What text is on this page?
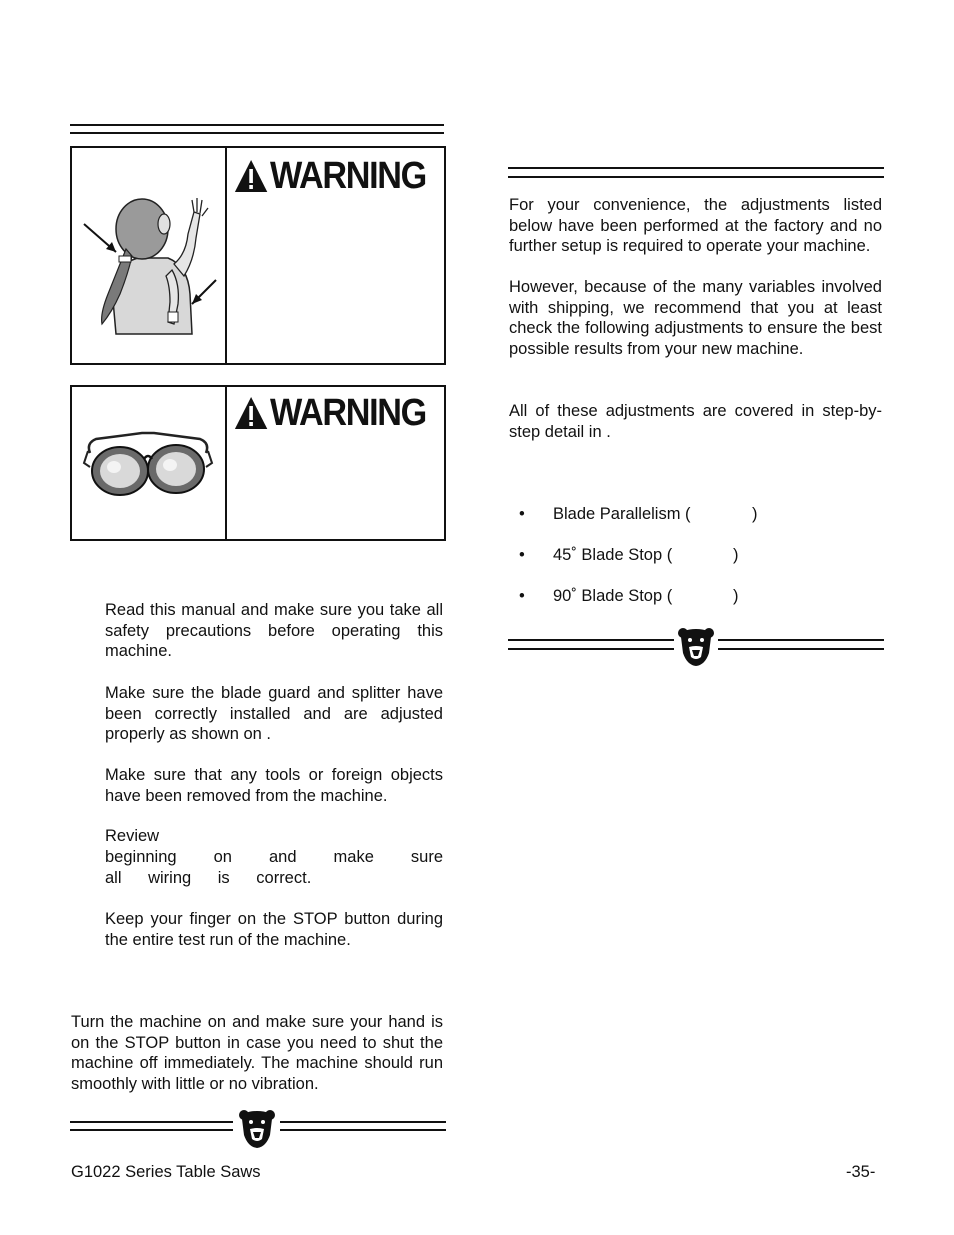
WARNING
WARNING

Read this manual and make sure you take all safety precautions before operating this machine.

Make sure the blade guard and splitter have been correctly installed and are adjusted properly as shown on .

Make sure that any tools or foreign objects have been removed from the machine.

Review

beginning on and make sure all wiring is correct.

Keep your finger on the STOP button during the entire test run of the machine.

Turn the machine on and make sure your hand is on the STOP button in case you need to shut the machine off immediately. The machine should run smoothly with little or no vibration.

For your convenience, the adjustments listed below have been performed at the factory and no further setup is required to operate your machine.

However, because of the many variables involved with shipping, we recommend that you at least check the following adjustments to ensure the best possible results from your new machine.

All of these adjustments are covered in step-by-step detail in .

• Blade Parallelism (	)
• 45˚ Blade Stop (	)
• 90˚ Blade Stop (	)
G1022 Series Table Saws	-35-
